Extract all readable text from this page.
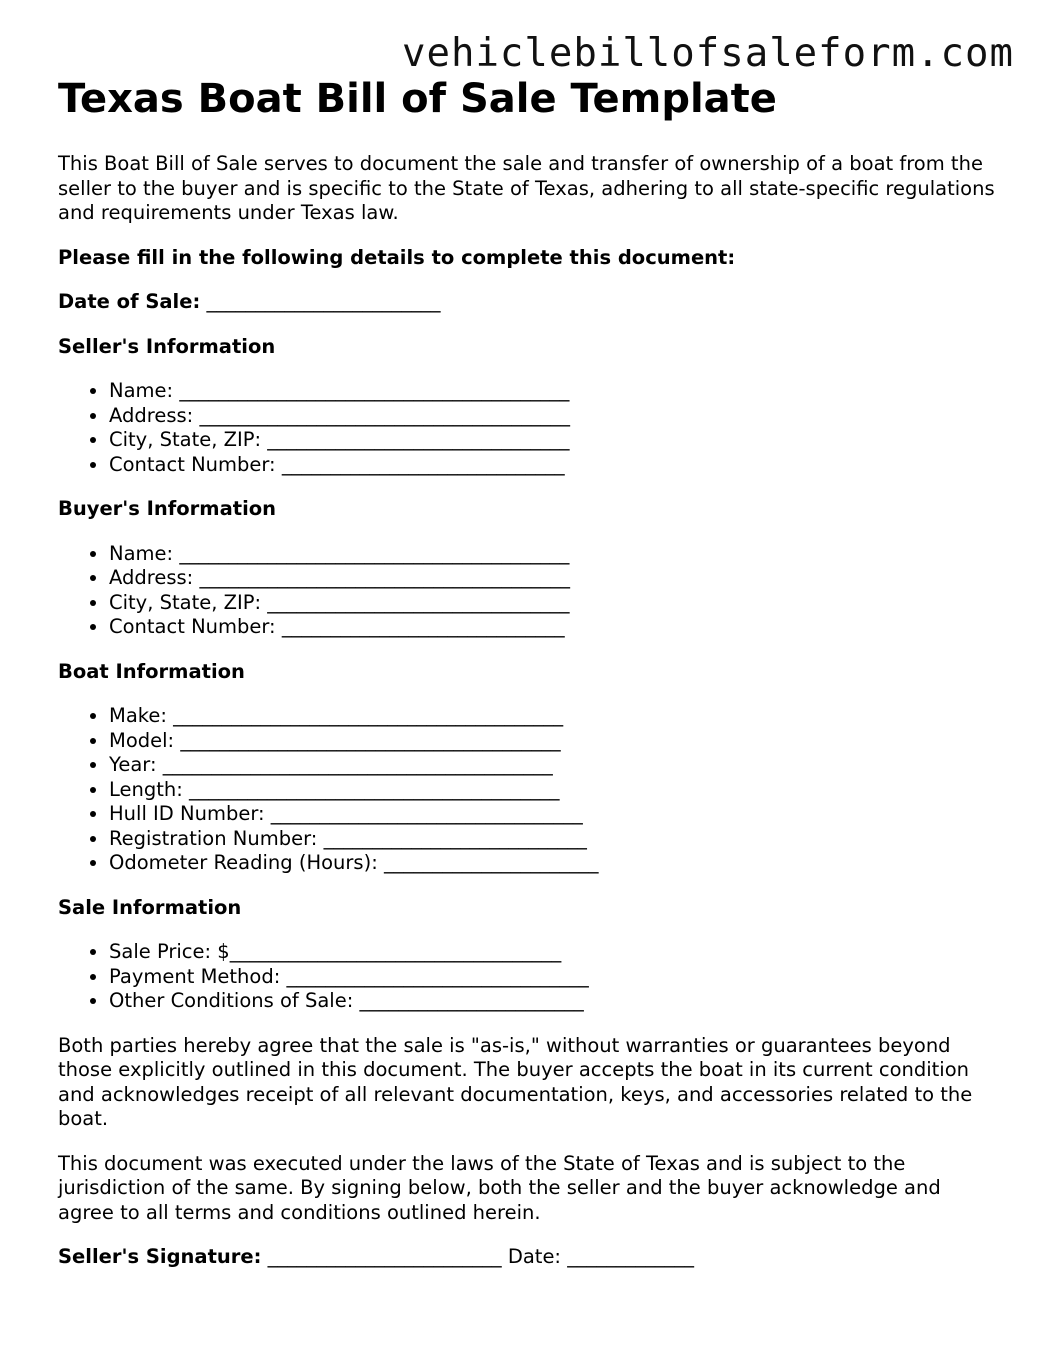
vehiclebillofsaleform.com
Texas Boat Bill of Sale Template

This Boat Bill of Sale serves to document the sale and transfer of ownership of a boat from the seller to the buyer and is specific to the State of Texas, adhering to all state-specific regulations and requirements under Texas law.

Please fill in the following details to complete this document:

Date of Sale: ________________________

Seller's Information

• Name: ________________________________________
• Address: ______________________________________
• City, State, ZIP: _______________________________
• Contact Number: _____________________________

Buyer's Information

• Name: ________________________________________
• Address: ______________________________________
• City, State, ZIP: _______________________________
• Contact Number: _____________________________

Boat Information

• Make: ________________________________________
• Model: _______________________________________
• Year: ________________________________________
• Length: ______________________________________
• Hull ID Number: ________________________________
• Registration Number: ___________________________
• Odometer Reading (Hours): ______________________

Sale Information

• Sale Price: $__________________________________
• Payment Method: _______________________________
• Other Conditions of Sale: _______________________

Both parties hereby agree that the sale is "as-is," without warranties or guarantees beyond those explicitly outlined in this document. The buyer accepts the boat in its current condition and acknowledges receipt of all relevant documentation, keys, and accessories related to the boat.

This document was executed under the laws of the State of Texas and is subject to the jurisdiction of the same. By signing below, both the seller and the buyer acknowledge and agree to all terms and conditions outlined herein.

Seller's Signature: ________________________ Date: _____________
